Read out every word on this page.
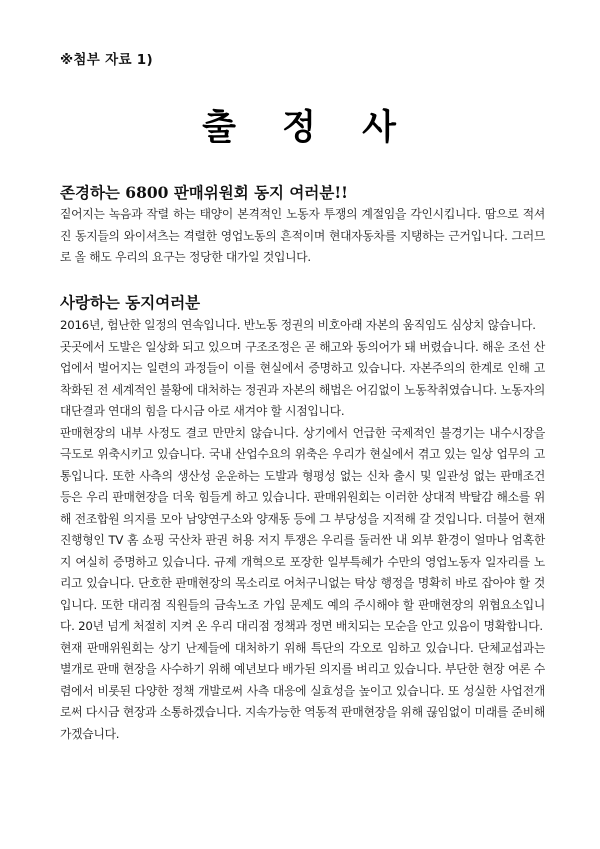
※첨부 자료 1)
출 정 사
존경하는 6800 판매위원회 동지 여러분!!

짙어지는 녹음과 작렬 하는 태양이 본격적인 노동자 투쟁의 계절임을 각인시킵니다. 땀으로 적셔진 동지들의 와이셔츠는 격렬한 영업노동의 흔적이며 현대자동차를 지탱하는 근거입니다. 그러므로 올 해도 우리의 요구는 정당한 대가일 것입니다.

사랑하는 동지여러분

2016년, 험난한 일정의 연속입니다. 반노동 정권의 비호아래 자본의 움직임도 심상치 않습니다.

곳곳에서 도발은 일상화 되고 있으며 구조조정은 곧 해고와 동의어가 돼 버렸습니다. 해운 조선 산업에서 벌어지는 일련의 과정들이 이를 현실에서 증명하고 있습니다. 자본주의의 한계로 인해 고착화된 전 세계적인 불황에 대처하는 정권과 자본의 해법은 어김없이 노동착취였습니다. 노동자의 대단결과 연대의 힘을 다시금 아로 새겨야 할 시점입니다.

판매현장의 내부 사정도 결코 만만치 않습니다. 상기에서 언급한 국제적인 불경기는 내수시장을 극도로 위축시키고 있습니다. 국내 산업수요의 위축은 우리가 현실에서 겪고 있는 일상 업무의 고통입니다. 또한 사측의 생산성 운운하는 도발과 형평성 없는 신차 출시 및 일관성 없는 판매조건 등은 우리 판매현장을 더욱 힘들게 하고 있습니다. 판매위원회는 이러한 상대적 박탈감 해소를 위해 전조합원 의지를 모아 남양연구소와 양재동 등에 그 부당성을 지적해 갈 것입니다. 더불어 현재 진행형인 TV 홈 쇼핑 국산차 판권 허용 저지 투쟁은 우리를 둘러싼 내 외부 환경이 얼마나 엄혹한지 여실히 증명하고 있습니다. 규제 개혁으로 포장한 일부특혜가 수만의 영업노동자 일자리를 노리고 있습니다. 단호한 판매현장의 목소리로 어처구니없는 탁상 행정을 명확히 바로 잡아야 할 것입니다. 또한 대리점 직원들의 금속노조 가입 문제도 예의 주시해야 할 판매현장의 위협요소입니다. 20년 넘게 처절히 지켜 온 우리 대리점 정책과 정면 배치되는 모순을 안고 있음이 명확합니다.

현재 판매위원회는 상기 난제들에 대처하기 위해 특단의 각오로 임하고 있습니다. 단체교섭과는 별개로 판매 현장을 사수하기 위해 예년보다 배가된 의지를 벼리고 있습니다. 부단한 현장 여론 수렴에서 비롯된 다양한 정책 개발로써 사측 대응에 실효성을 높이고 있습니다. 또 성실한 사업전개로써 다시금 현장과 소통하겠습니다. 지속가능한 역동적 판매현장을 위해 끊임없이 미래를 준비해 가겠습니다.
